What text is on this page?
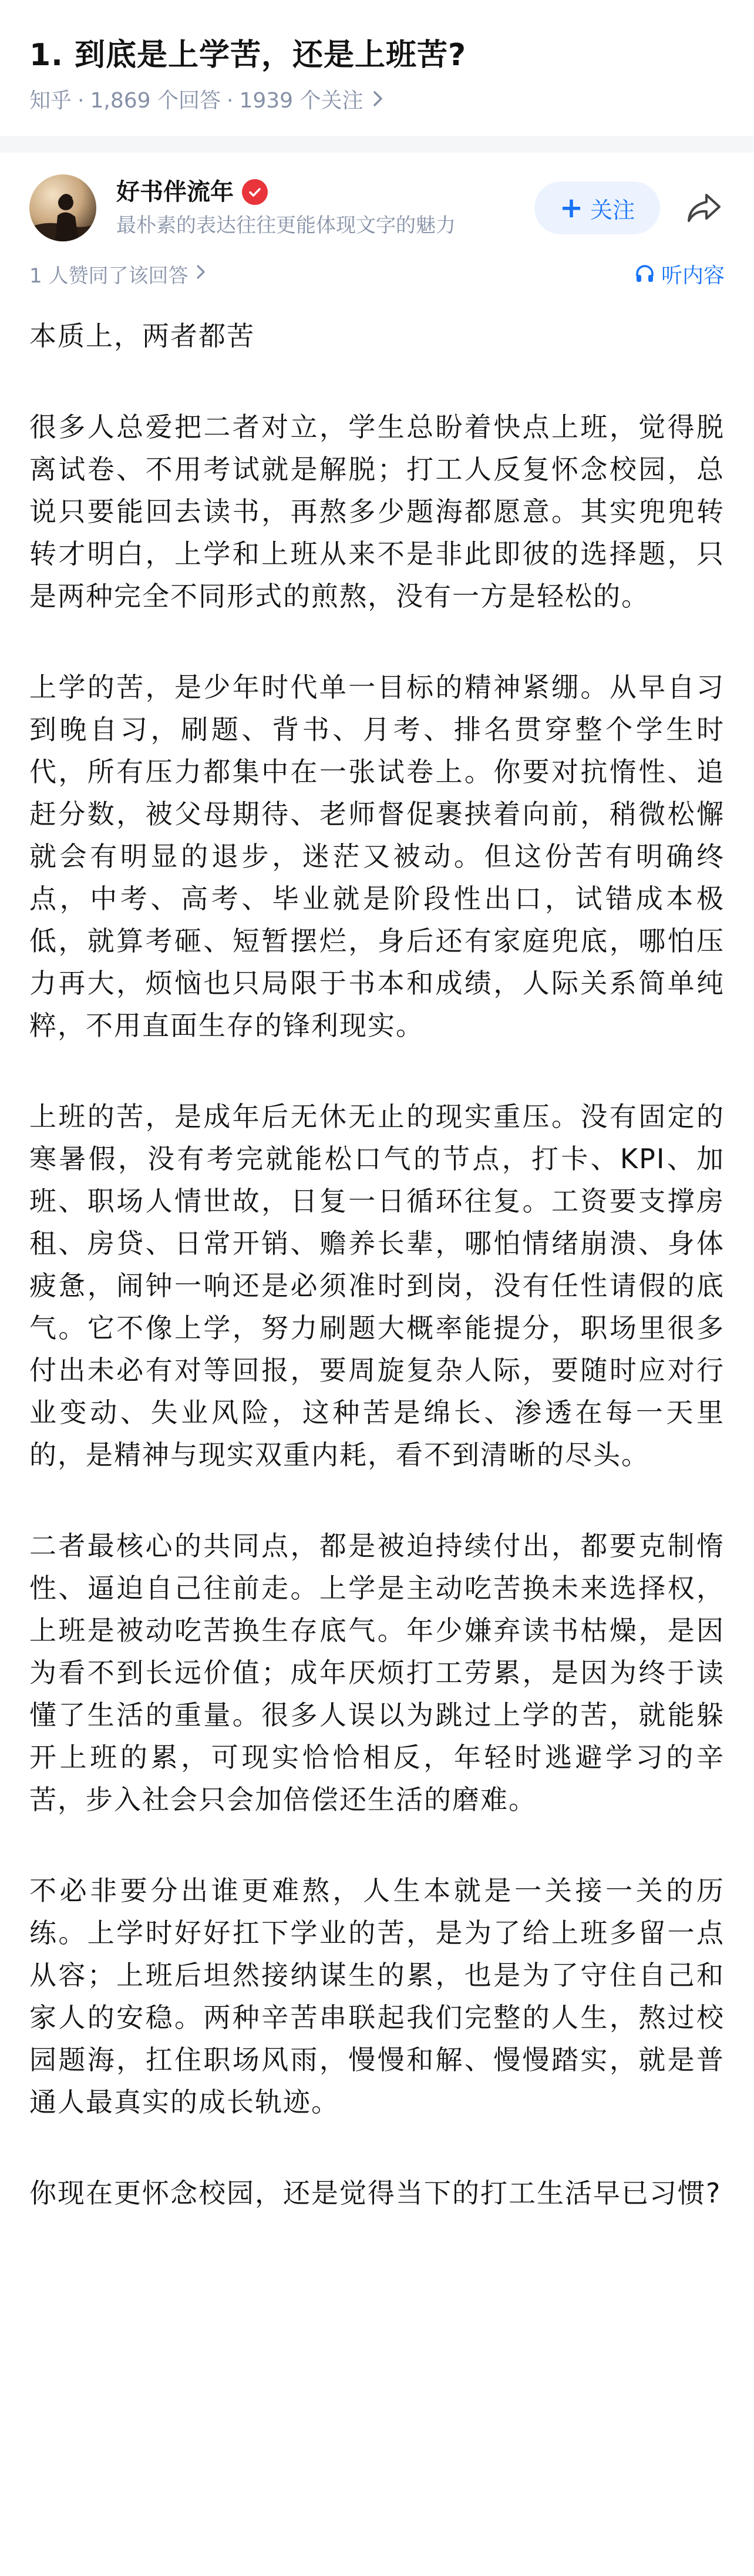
1. 到底是上学苦，还是上班苦?
知乎 · 1,869 个回答 · 1939 个关注
好书伴流年
最朴素的表达往往更能体现文字的魅力
+ 关注
1 人赞同了该回答	听内容

本质上，两者都苦

很多人总爱把二者对立，学生总盼着快点上班，觉得脱离试卷、不用考试就是解脱；打工人反复怀念校园，总说只要能回去读书，再熬多少题海都愿意。其实兜兜转转才明白，上学和上班从来不是非此即彼的选择题，只是两种完全不同形式的煎熬，没有一方是轻松的。

上学的苦，是少年时代单一目标的精神紧绷。从早自习到晚自习，刷题、背书、月考、排名贯穿整个学生时代，所有压力都集中在一张试卷上。你要对抗惰性、追赶分数，被父母期待、老师督促裹挟着向前，稍微松懈就会有明显的退步，迷茫又被动。但这份苦有明确终点，中考、高考、毕业就是阶段性出口，试错成本极低，就算考砸、短暂摆烂，身后还有家庭兜底，哪怕压力再大，烦恼也只局限于书本和成绩，人际关系简单纯粹，不用直面生存的锋利现实。

上班的苦，是成年后无休无止的现实重压。没有固定的寒暑假，没有考完就能松口气的节点，打卡、KPI、加班、职场人情世故，日复一日循环往复。工资要支撑房租、房贷、日常开销、赡养长辈，哪怕情绪崩溃、身体疲惫，闹钟一响还是必须准时到岗，没有任性请假的底气。它不像上学，努力刷题大概率能提分，职场里很多付出未必有对等回报，要周旋复杂人际，要随时应对行业变动、失业风险，这种苦是绵长、渗透在每一天里的，是精神与现实双重内耗，看不到清晰的尽头。

二者最核心的共同点，都是被迫持续付出，都要克制惰性、逼迫自己往前走。上学是主动吃苦换未来选择权，上班是被动吃苦换生存底气。年少嫌弃读书枯燥，是因为看不到长远价值；成年厌烦打工劳累，是因为终于读懂了生活的重量。很多人误以为跳过上学的苦，就能躲开上班的累，可现实恰恰相反，年轻时逃避学习的辛苦，步入社会只会加倍偿还生活的磨难。

不必非要分出谁更难熬，人生本就是一关接一关的历练。上学时好好扛下学业的苦，是为了给上班多留一点从容；上班后坦然接纳谋生的累，也是为了守住自己和家人的安稳。两种辛苦串联起我们完整的人生，熬过校园题海，扛住职场风雨，慢慢和解、慢慢踏实，就是普通人最真实的成长轨迹。

你现在更怀念校园，还是觉得当下的打工生活早已习惯?
